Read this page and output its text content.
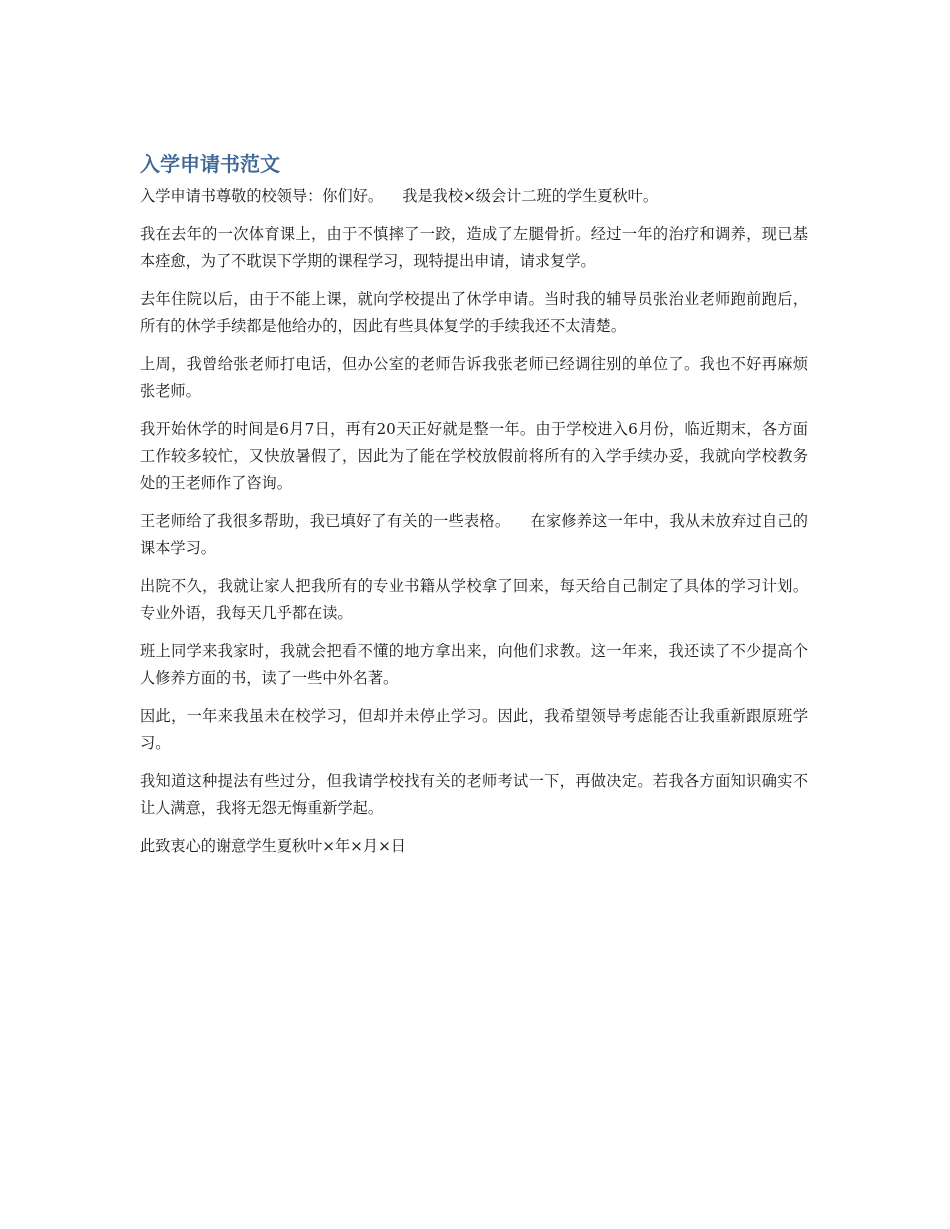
入学申请书范文

入学申请书尊敬的校领导：你们好。    我是我校×级会计二班的学生夏秋叶。

我在去年的一次体育课上，由于不慎摔了一跤，造成了左腿骨折。经过一年的治疗和调养，现已基本痊愈，为了不耽误下学期的课程学习，现特提出申请，请求复学。

去年住院以后，由于不能上课，就向学校提出了休学申请。当时我的辅导员张治业老师跑前跑后，所有的休学手续都是他给办的，因此有些具体复学的手续我还不太清楚。

上周，我曾给张老师打电话，但办公室的老师告诉我张老师已经调往别的单位了。我也不好再麻烦张老师。

我开始休学的时间是6月7日，再有20天正好就是整一年。由于学校进入6月份，临近期末，各方面工作较多较忙，又快放暑假了，因此为了能在学校放假前将所有的入学手续办妥，我就向学校教务处的王老师作了咨询。

王老师给了我很多帮助，我已填好了有关的一些表格。    在家修养这一年中，我从未放弃过自己的课本学习。

出院不久，我就让家人把我所有的专业书籍从学校拿了回来，每天给自己制定了具体的学习计划。专业外语，我每天几乎都在读。

班上同学来我家时，我就会把看不懂的地方拿出来，向他们求教。这一年来，我还读了不少提高个人修养方面的书，读了一些中外名著。

因此，一年来我虽未在校学习，但却并未停止学习。因此，我希望领导考虑能否让我重新跟原班学习。

我知道这种提法有些过分，但我请学校找有关的老师考试一下，再做决定。若我各方面知识确实不让人满意，我将无怨无悔重新学起。

此致衷心的谢意学生夏秋叶×年×月×日
